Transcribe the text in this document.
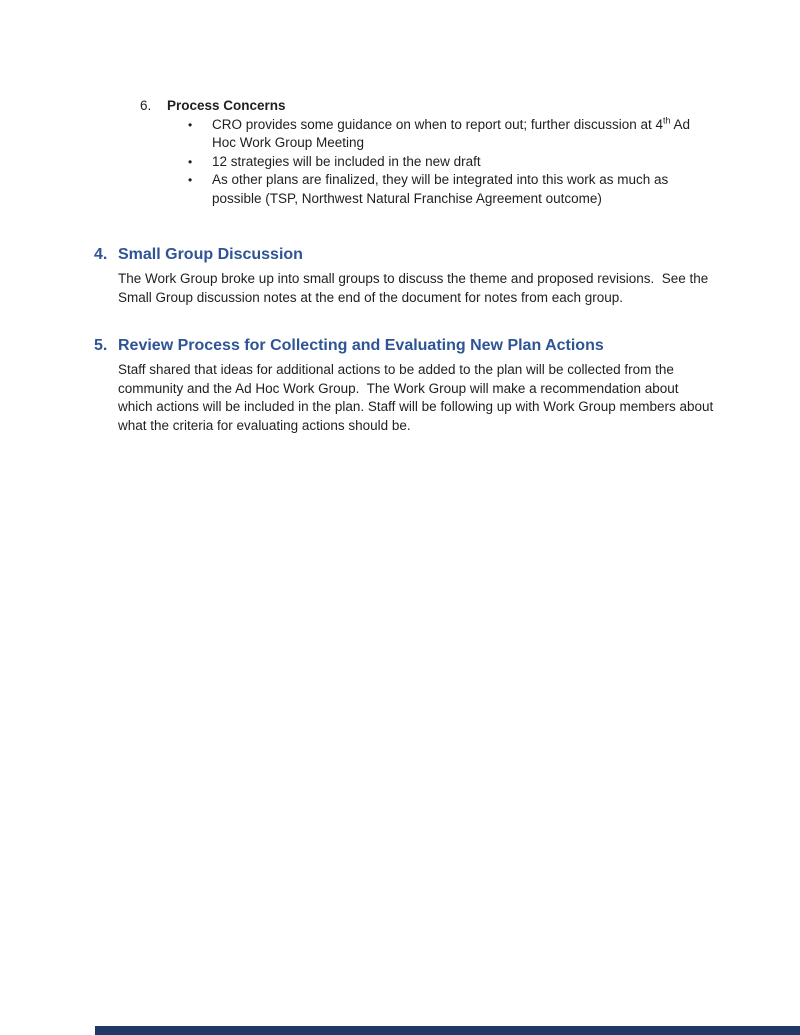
6.	Process Concerns
•	CRO provides some guidance on when to report out; further discussion at 4th Ad Hoc Work Group Meeting
•	12 strategies will be included in the new draft
•	As other plans are finalized, they will be integrated into this work as much as possible (TSP, Northwest Natural Franchise Agreement outcome)
4. Small Group Discussion
The Work Group broke up into small groups to discuss the theme and proposed revisions.  See the Small Group discussion notes at the end of the document for notes from each group.
5. Review Process for Collecting and Evaluating New Plan Actions
Staff shared that ideas for additional actions to be added to the plan will be collected from the community and the Ad Hoc Work Group.  The Work Group will make a recommendation about which actions will be included in the plan. Staff will be following up with Work Group members about what the criteria for evaluating actions should be.
